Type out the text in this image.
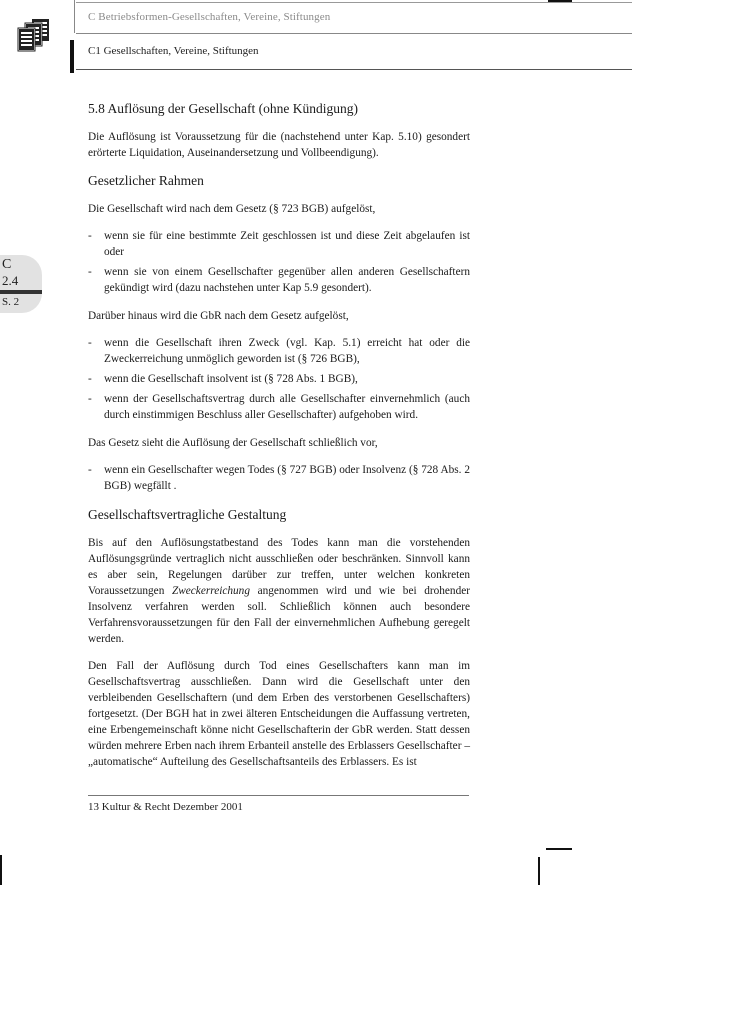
C Betriebsformen-Gesellschaften, Vereine, Stiftungen
C1 Gesellschaften, Vereine, Stiftungen
C
2.4
S. 2
5.8 Auflösung der Gesellschaft (ohne Kündigung)

Die Auflösung ist Voraussetzung für die (nachstehend unter Kap. 5.10) gesondert erörterte Liquidation, Auseinandersetzung und Vollbeendigung).

Gesetzlicher Rahmen

Die Gesellschaft wird nach dem Gesetz (§ 723 BGB) aufgelöst,

- wenn sie für eine bestimmte Zeit geschlossen ist und diese Zeit abgelaufen ist oder
- wenn sie von einem Gesellschafter gegenüber allen anderen Gesellschaftern gekündigt wird (dazu nachstehen unter Kap 5.9 gesondert).

Darüber hinaus wird die GbR nach dem Gesetz aufgelöst,

- wenn die Gesellschaft ihren Zweck (vgl. Kap. 5.1) erreicht hat oder die Zweckerreichung unmöglich geworden ist (§ 726 BGB),
- wenn die Gesellschaft insolvent ist (§ 728 Abs. 1 BGB),
- wenn der Gesellschaftsvertrag durch alle Gesellschafter einvernehmlich (auch durch einstimmigen Beschluss aller Gesellschafter) aufgehoben wird.

Das Gesetz sieht die Auflösung der Gesellschaft schließlich vor,

- wenn ein Gesellschafter wegen Todes (§ 727 BGB) oder Insolvenz (§ 728 Abs. 2 BGB) wegfällt .
Gesellschaftsvertragliche Gestaltung

Bis auf den Auflösungstatbestand des Todes kann man die vorstehenden Auflösungsgründe vertraglich nicht ausschließen oder beschränken. Sinnvoll kann es aber sein, Regelungen darüber zur treffen, unter welchen konkreten Voraussetzungen Zweckerreichung angenommen wird und wie bei drohender Insolvenz verfahren werden soll. Schließlich können auch besondere Verfahrensvoraussetzungen für den Fall der einvernehmlichen Aufhebung geregelt werden.

Den Fall der Auflösung durch Tod eines Gesellschafters kann man im Gesellschaftsvertrag ausschließen. Dann wird die Gesellschaft unter den verbleibenden Gesellschaftern (und dem Erben des verstorbenen Gesellschafters) fortgesetzt. (Der BGH hat in zwei älteren Entscheidungen die Auffassung vertreten, eine Erbengemeinschaft könne nicht Gesellschafterin der GbR werden. Statt dessen würden mehrere Erben nach ihrem Erbanteil anstelle des Erblassers Gesellschafter – „automatische“ Aufteilung des Gesellschaftsanteils des Erblassers. Es ist

13 Kultur & Recht Dezember 2001
